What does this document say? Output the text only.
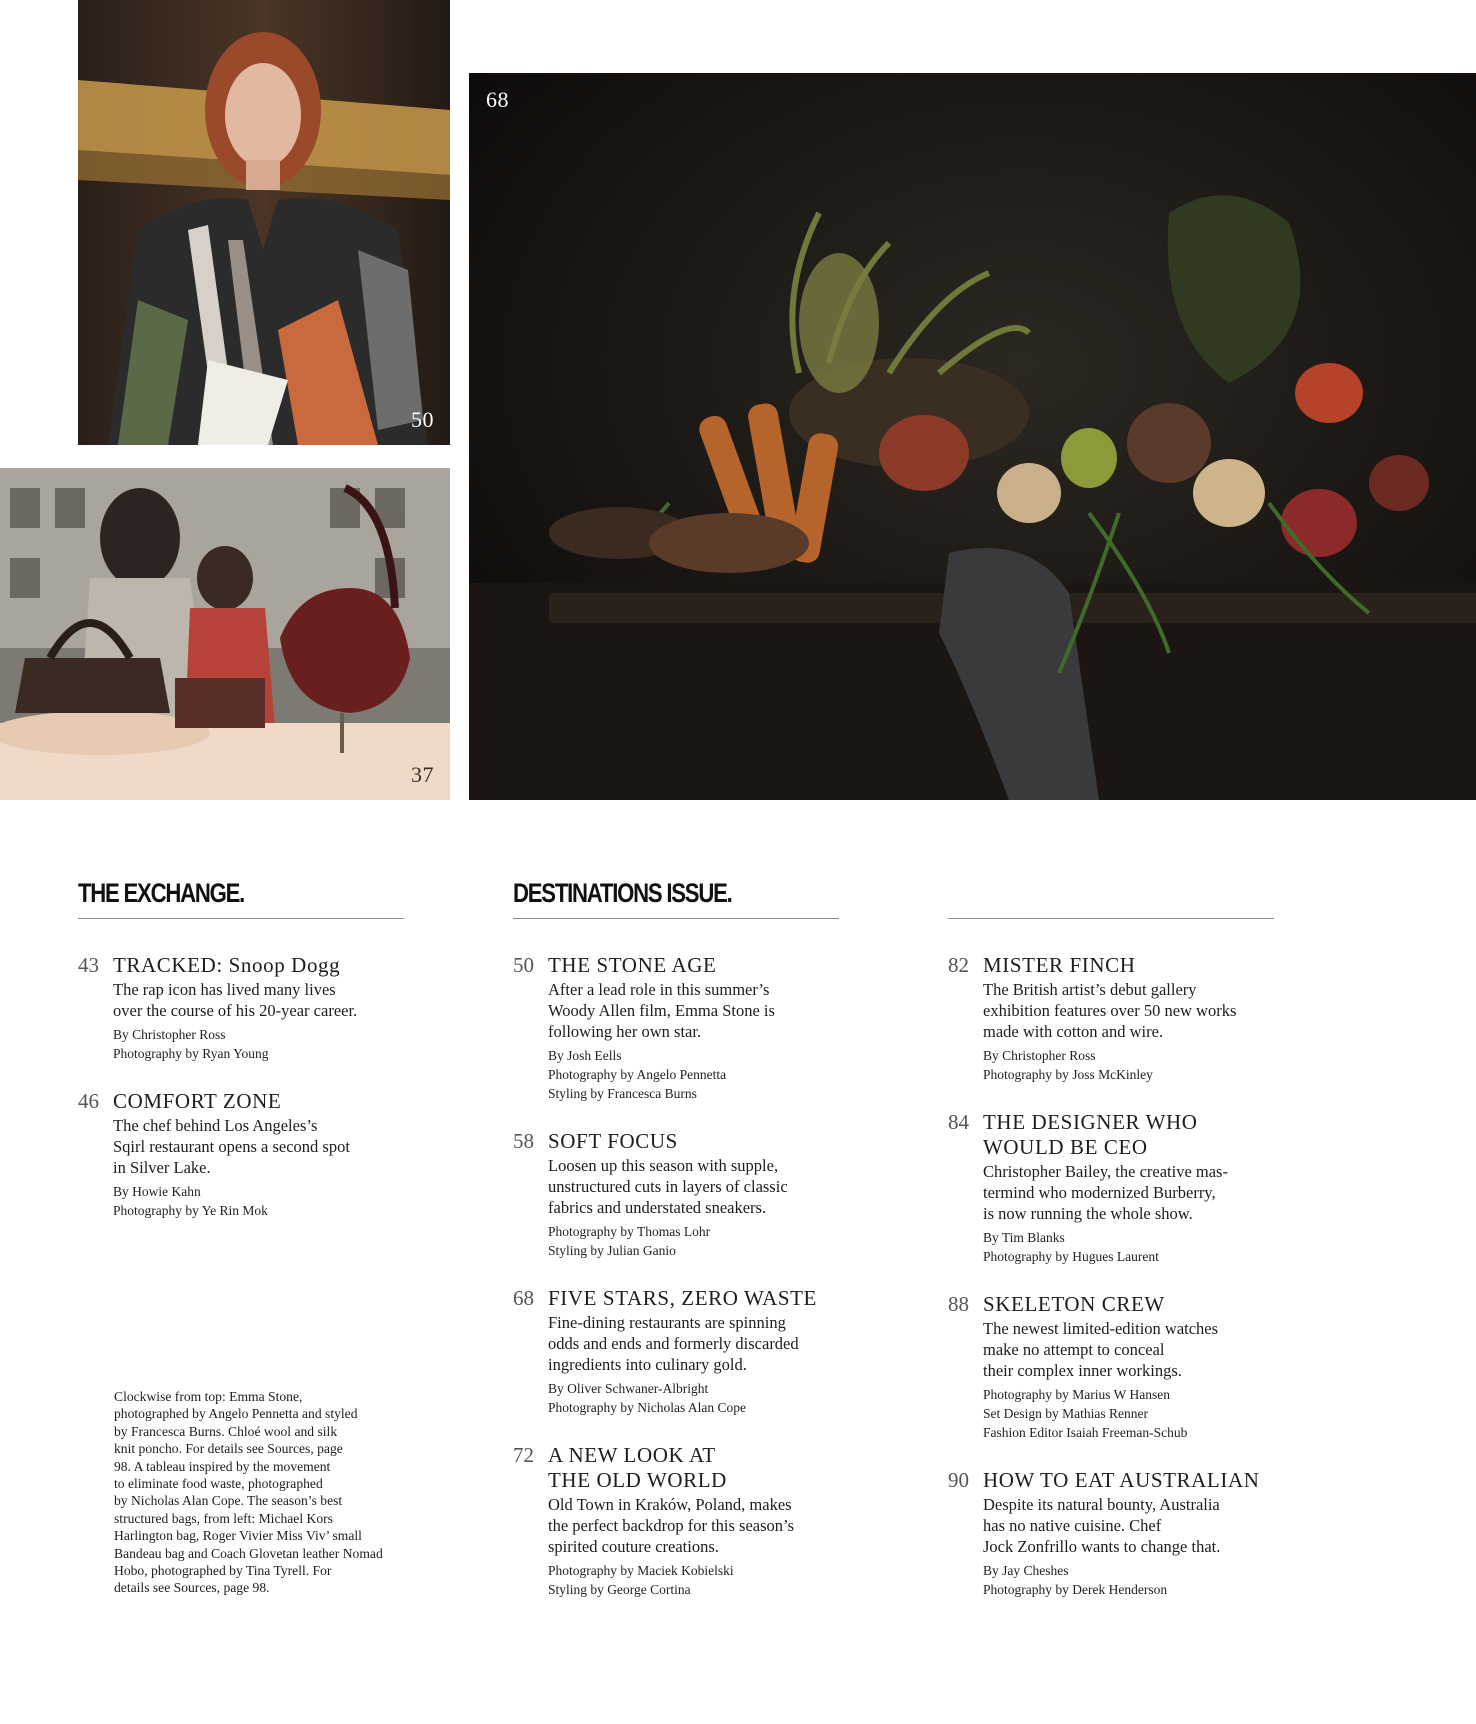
50
37
68
THE EXCHANGE.
43 TRACKED: Snoop Dogg
The rap icon has lived many lives
over the course of his 20-year career.
By Christopher Ross
Photography by Ryan Young
46 COMFORT ZONE
The chef behind Los Angeles’s
Sqirl restaurant opens a second spot
in Silver Lake.
By Howie Kahn
Photography by Ye Rin Mok
DESTINATIONS ISSUE.
50 THE STONE AGE
After a lead role in this summer’s
Woody Allen film, Emma Stone is
following her own star.
By Josh Eells
Photography by Angelo Pennetta
Styling by Francesca Burns
58 SOFT FOCUS
Loosen up this season with supple,
unstructured cuts in layers of classic
fabrics and understated sneakers.
Photography by Thomas Lohr
Styling by Julian Ganio
68 FIVE STARS, ZERO WASTE
Fine-dining restaurants are spinning
odds and ends and formerly discarded
ingredients into culinary gold.
By Oliver Schwaner-Albright
Photography by Nicholas Alan Cope
72 A NEW LOOK AT
THE OLD WORLD
Old Town in Kraków, Poland, makes
the perfect backdrop for this season’s
spirited couture creations.
Photography by Maciek Kobielski
Styling by George Cortina
82 MISTER FINCH
The British artist’s debut gallery
exhibition features over 50 new works
made with cotton and wire.
By Christopher Ross
Photography by Joss McKinley
84 THE DESIGNER WHO
WOULD BE CEO
Christopher Bailey, the creative mas-
termind who modernized Burberry,
is now running the whole show.
By Tim Blanks
Photography by Hugues Laurent
88 SKELETON CREW
The newest limited-edition watches
make no attempt to conceal
their complex inner workings.
Photography by Marius W Hansen
Set Design by Mathias Renner
Fashion Editor Isaiah Freeman-Schub
90 HOW TO EAT AUSTRALIAN
Despite its natural bounty, Australia
has no native cuisine. Chef
Jock Zonfrillo wants to change that.
By Jay Cheshes
Photography by Derek Henderson
Clockwise from top: Emma Stone,
photographed by Angelo Pennetta and styled
by Francesca Burns. Chloé wool and silk
knit poncho. For details see Sources, page
98. A tableau inspired by the movement
to eliminate food waste, photographed
by Nicholas Alan Cope. The season’s best
structured bags, from left: Michael Kors
Harlington bag, Roger Vivier Miss Viv’ small
Bandeau bag and Coach Glovetan leather Nomad
Hobo, photographed by Tina Tyrell. For
details see Sources, page 98.
